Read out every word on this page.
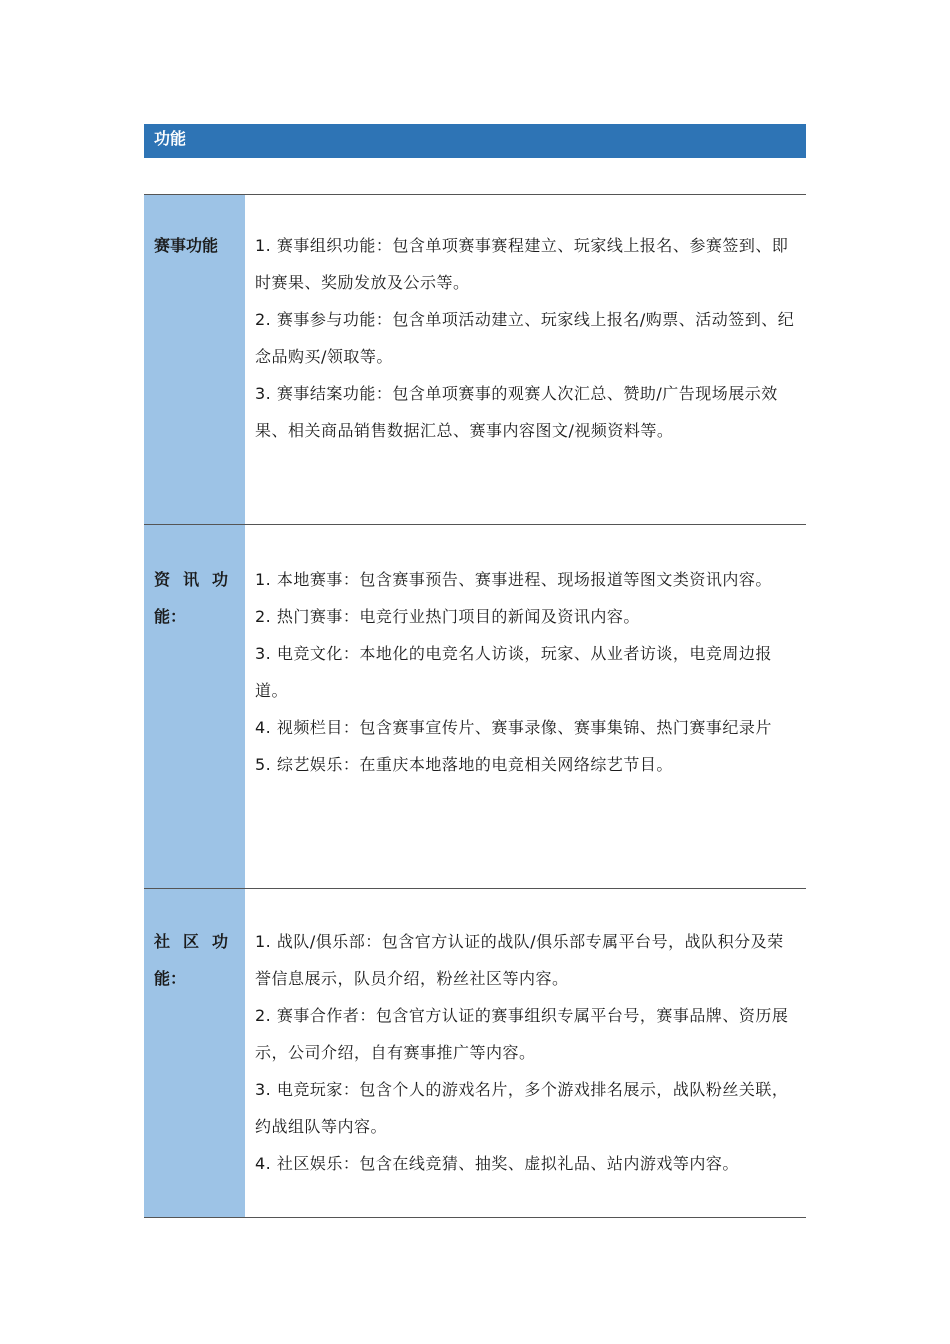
功能
赛事功能	1. 赛事组织功能：包含单项赛事赛程建立、玩家线上报名、参赛签到、即时赛果、奖励发放及公示等。
2. 赛事参与功能：包含单项活动建立、玩家线上报名/购票、活动签到、纪念品购买/领取等。
3. 赛事结案功能：包含单项赛事的观赛人次汇总、赞助/广告现场展示效果、相关商品销售数据汇总、赛事内容图文/视频资料等。
资讯功
能：
1. 本地赛事：包含赛事预告、赛事进程、现场报道等图文类资讯内容。
2. 热门赛事：电竞行业热门项目的新闻及资讯内容。
3. 电竞文化：本地化的电竞名人访谈，玩家、从业者访谈，电竞周边报道。
4. 视频栏目：包含赛事宣传片、赛事录像、赛事集锦、热门赛事纪录片
5. 综艺娱乐：在重庆本地落地的电竞相关网络综艺节目。
社区功
能：
1. 战队/俱乐部：包含官方认证的战队/俱乐部专属平台号，战队积分及荣誉信息展示，队员介绍，粉丝社区等内容。
2. 赛事合作者：包含官方认证的赛事组织专属平台号，赛事品牌、资历展示，公司介绍，自有赛事推广等内容。
3. 电竞玩家：包含个人的游戏名片，多个游戏排名展示，战队粉丝关联，约战组队等内容。
4. 社区娱乐：包含在线竞猜、抽奖、虚拟礼品、站内游戏等内容。
